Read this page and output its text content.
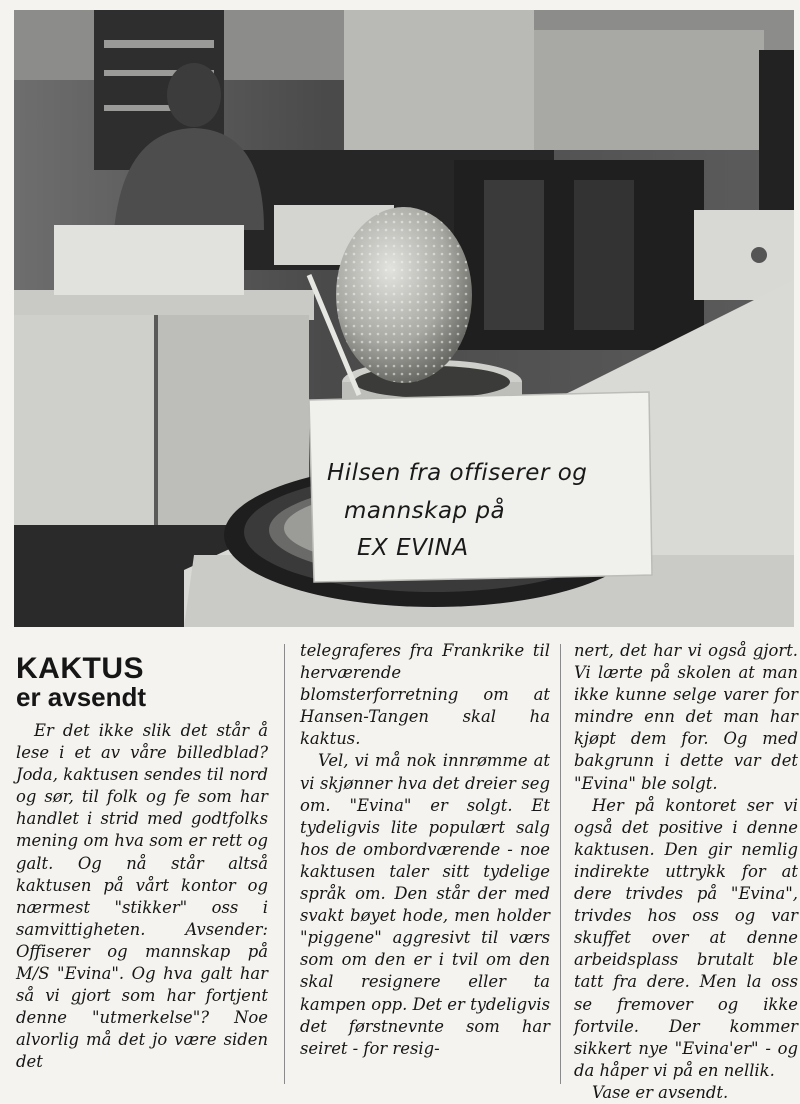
Hilsen fra offiserer og
mannskap på
EX EVINA
KAKTUS
er avsendt

Er det ikke slik det står å lese i et av våre billedblad? Joda, kaktusen sendes til nord og sør, til folk og fe som har handlet i strid med godtfolks mening om hva som er rett og galt. Og nå står altså kaktusen på vårt kontor og nærmest "stikker" oss i samvittigheten. Avsender: Offiserer og mannskap på M/S "Evina". Og hva galt har så vi gjort som har fortjent denne "utmerkelse"? Noe alvorlig må det jo være siden det

telegraferes fra Frankrike til herværende blomsterforretning om at Hansen-Tangen skal ha kaktus.

Vel, vi må nok innrømme at vi skjønner hva det dreier seg om. "Evina" er solgt. Et tydeligvis lite populært salg hos de ombordværende - noe kaktusen taler sitt tydelige språk om. Den står der med svakt bøyet hode, men holder "piggene" aggresivt til værs som om den er i tvil om den skal resignere eller ta kampen opp. Det er tydeligvis det førstnevnte som har seiret - for resig-

nert, det har vi også gjort. Vi lærte på skolen at man ikke kunne selge varer for mindre enn det man har kjøpt dem for. Og med bakgrunn i dette var det "Evina" ble solgt.

Her på kontoret ser vi også det positive i denne kaktusen. Den gir nemlig indirekte uttrykk for at dere trivdes på "Evina", trivdes hos oss og var skuffet over at denne arbeidsplass brutalt ble tatt fra dere. Men la oss se fremover og ikke fortvile. Der kommer sikkert nye "Evina'er" - og da håper vi på en nellik.

Vase er avsendt.
